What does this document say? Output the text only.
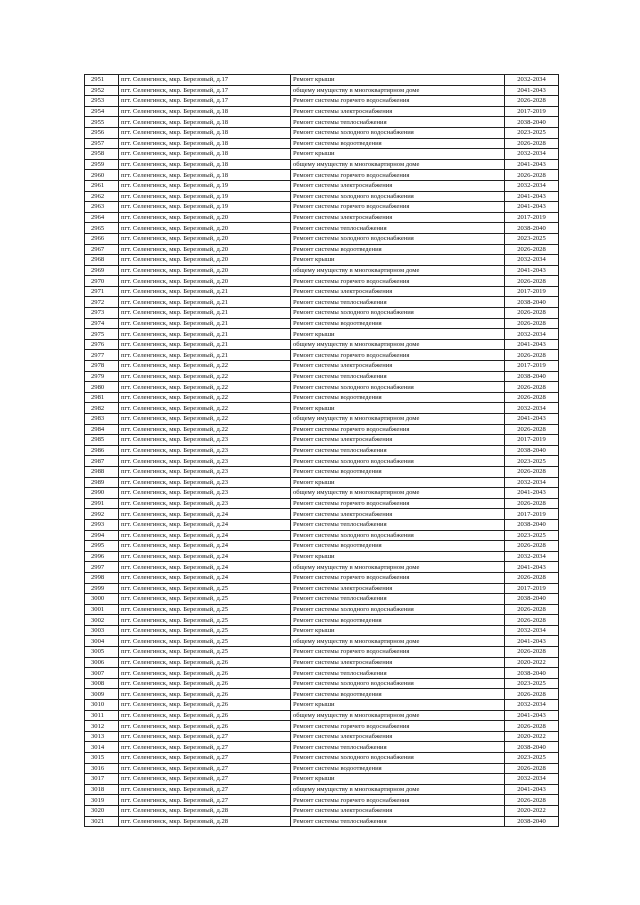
2951	пгт. Селенгинск, мкр. Березовый, д.17	Ремонт крыши	2032-2034
2952	пгт. Селенгинск, мкр. Березовый, д.17	общему имуществу в многоквартирном доме	2041-2043
2953	пгт. Селенгинск, мкр. Березовый, д.17	Ремонт системы горячего водоснабжения	2026-2028
2954	пгт. Селенгинск, мкр. Березовый, д.18	Ремонт системы электроснабжения	2017-2019
2955	пгт. Селенгинск, мкр. Березовый, д.18	Ремонт системы теплоснабжения	2038-2040
2956	пгт. Селенгинск, мкр. Березовый, д.18	Ремонт системы холодного водоснабжения	2023-2025
2957	пгт. Селенгинск, мкр. Березовый, д.18	Ремонт системы водоотведения	2026-2028
2958	пгт. Селенгинск, мкр. Березовый, д.18	Ремонт крыши	2032-2034
2959	пгт. Селенгинск, мкр. Березовый, д.18	общему имуществу в многоквартирном доме	2041-2043
2960	пгт. Селенгинск, мкр. Березовый, д.18	Ремонт системы горячего водоснабжения	2026-2028
2961	пгт. Селенгинск, мкр. Березовый, д.19	Ремонт системы электроснабжения	2032-2034
2962	пгт. Селенгинск, мкр. Березовый, д.19	Ремонт системы холодного водоснабжения	2041-2043
2963	пгт. Селенгинск, мкр. Березовый, д.19	Ремонт системы горячего водоснабжения	2041-2043
2964	пгт. Селенгинск, мкр. Березовый, д.20	Ремонт системы электроснабжения	2017-2019
2965	пгт. Селенгинск, мкр. Березовый, д.20	Ремонт системы теплоснабжения	2038-2040
2966	пгт. Селенгинск, мкр. Березовый, д.20	Ремонт системы холодного водоснабжения	2023-2025
2967	пгт. Селенгинск, мкр. Березовый, д.20	Ремонт системы водоотведения	2026-2028
2968	пгт. Селенгинск, мкр. Березовый, д.20	Ремонт крыши	2032-2034
2969	пгт. Селенгинск, мкр. Березовый, д.20	общему имуществу в многоквартирном доме	2041-2043
2970	пгт. Селенгинск, мкр. Березовый, д.20	Ремонт системы горячего водоснабжения	2026-2028
2971	пгт. Селенгинск, мкр. Березовый, д.21	Ремонт системы электроснабжения	2017-2019
2972	пгт. Селенгинск, мкр. Березовый, д.21	Ремонт системы теплоснабжения	2038-2040
2973	пгт. Селенгинск, мкр. Березовый, д.21	Ремонт системы холодного водоснабжения	2026-2028
2974	пгт. Селенгинск, мкр. Березовый, д.21	Ремонт системы водоотведения	2026-2028
2975	пгт. Селенгинск, мкр. Березовый, д.21	Ремонт крыши	2032-2034
2976	пгт. Селенгинск, мкр. Березовый, д.21	общему имуществу в многоквартирном доме	2041-2043
2977	пгт. Селенгинск, мкр. Березовый, д.21	Ремонт системы горячего водоснабжения	2026-2028
2978	пгт. Селенгинск, мкр. Березовый, д.22	Ремонт системы электроснабжения	2017-2019
2979	пгт. Селенгинск, мкр. Березовый, д.22	Ремонт системы теплоснабжения	2038-2040
2980	пгт. Селенгинск, мкр. Березовый, д.22	Ремонт системы холодного водоснабжения	2026-2028
2981	пгт. Селенгинск, мкр. Березовый, д.22	Ремонт системы водоотведения	2026-2028
2982	пгт. Селенгинск, мкр. Березовый, д.22	Ремонт крыши	2032-2034
2983	пгт. Селенгинск, мкр. Березовый, д.22	общему имуществу в многоквартирном доме	2041-2043
2984	пгт. Селенгинск, мкр. Березовый, д.22	Ремонт системы горячего водоснабжения	2026-2028
2985	пгт. Селенгинск, мкр. Березовый, д.23	Ремонт системы электроснабжения	2017-2019
2986	пгт. Селенгинск, мкр. Березовый, д.23	Ремонт системы теплоснабжения	2038-2040
2987	пгт. Селенгинск, мкр. Березовый, д.23	Ремонт системы холодного водоснабжения	2023-2025
2988	пгт. Селенгинск, мкр. Березовый, д.23	Ремонт системы водоотведения	2026-2028
2989	пгт. Селенгинск, мкр. Березовый, д.23	Ремонт крыши	2032-2034
2990	пгт. Селенгинск, мкр. Березовый, д.23	общему имуществу в многоквартирном доме	2041-2043
2991	пгт. Селенгинск, мкр. Березовый, д.23	Ремонт системы горячего водоснабжения	2026-2028
2992	пгт. Селенгинск, мкр. Березовый, д.24	Ремонт системы электроснабжения	2017-2019
2993	пгт. Селенгинск, мкр. Березовый, д.24	Ремонт системы теплоснабжения	2038-2040
2994	пгт. Селенгинск, мкр. Березовый, д.24	Ремонт системы холодного водоснабжения	2023-2025
2995	пгт. Селенгинск, мкр. Березовый, д.24	Ремонт системы водоотведения	2026-2028
2996	пгт. Селенгинск, мкр. Березовый, д.24	Ремонт крыши	2032-2034
2997	пгт. Селенгинск, мкр. Березовый, д.24	общему имуществу в многоквартирном доме	2041-2043
2998	пгт. Селенгинск, мкр. Березовый, д.24	Ремонт системы горячего водоснабжения	2026-2028
2999	пгт. Селенгинск, мкр. Березовый, д.25	Ремонт системы электроснабжения	2017-2019
3000	пгт. Селенгинск, мкр. Березовый, д.25	Ремонт системы теплоснабжения	2038-2040
3001	пгт. Селенгинск, мкр. Березовый, д.25	Ремонт системы холодного водоснабжения	2026-2028
3002	пгт. Селенгинск, мкр. Березовый, д.25	Ремонт системы водоотведения	2026-2028
3003	пгт. Селенгинск, мкр. Березовый, д.25	Ремонт крыши	2032-2034
3004	пгт. Селенгинск, мкр. Березовый, д.25	общему имуществу в многоквартирном доме	2041-2043
3005	пгт. Селенгинск, мкр. Березовый, д.25	Ремонт системы горячего водоснабжения	2026-2028
3006	пгт. Селенгинск, мкр. Березовый, д.26	Ремонт системы электроснабжения	2020-2022
3007	пгт. Селенгинск, мкр. Березовый, д.26	Ремонт системы теплоснабжения	2038-2040
3008	пгт. Селенгинск, мкр. Березовый, д.26	Ремонт системы холодного водоснабжения	2023-2025
3009	пгт. Селенгинск, мкр. Березовый, д.26	Ремонт системы водоотведения	2026-2028
3010	пгт. Селенгинск, мкр. Березовый, д.26	Ремонт крыши	2032-2034
3011	пгт. Селенгинск, мкр. Березовый, д.26	общему имуществу в многоквартирном доме	2041-2043
3012	пгт. Селенгинск, мкр. Березовый, д.26	Ремонт системы горячего водоснабжения	2026-2028
3013	пгт. Селенгинск, мкр. Березовый, д.27	Ремонт системы электроснабжения	2020-2022
3014	пгт. Селенгинск, мкр. Березовый, д.27	Ремонт системы теплоснабжения	2038-2040
3015	пгт. Селенгинск, мкр. Березовый, д.27	Ремонт системы холодного водоснабжения	2023-2025
3016	пгт. Селенгинск, мкр. Березовый, д.27	Ремонт системы водоотведения	2026-2028
3017	пгт. Селенгинск, мкр. Березовый, д.27	Ремонт крыши	2032-2034
3018	пгт. Селенгинск, мкр. Березовый, д.27	общему имуществу в многоквартирном доме	2041-2043
3019	пгт. Селенгинск, мкр. Березовый, д.27	Ремонт системы горячего водоснабжения	2026-2028
3020	пгт. Селенгинск, мкр. Березовый, д.28	Ремонт системы электроснабжения	2020-2022
3021	пгт. Селенгинск, мкр. Березовый, д.28	Ремонт системы теплоснабжения	2038-2040
